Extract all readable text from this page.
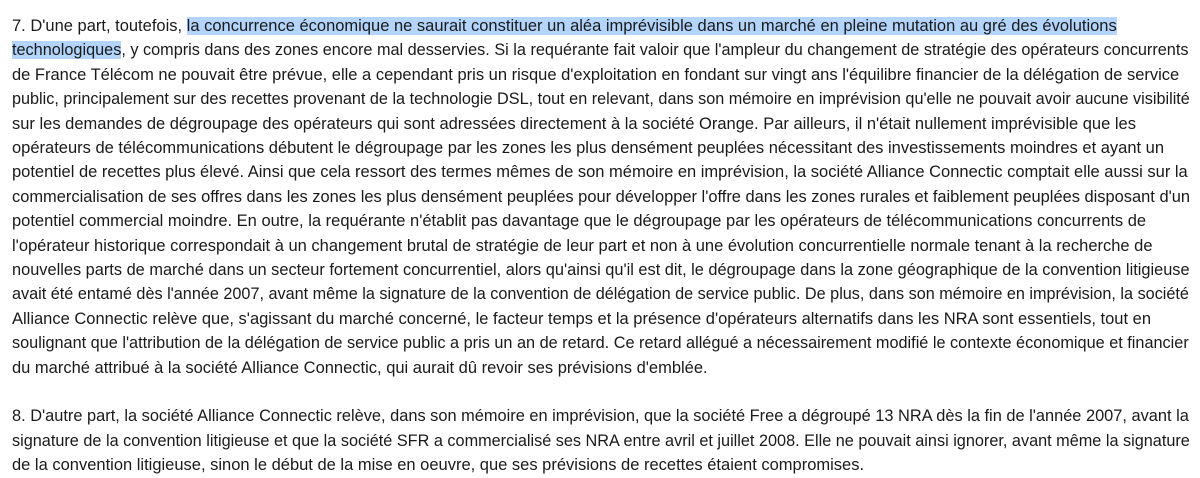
7. D'une part, toutefois, la concurrence économique ne saurait constituer un aléa imprévisible dans un marché en pleine mutation au gré des évolutions
technologiques, y compris dans des zones encore mal desservies. Si la requérante fait valoir que l'ampleur du changement de stratégie des opérateurs concurrents
de France Télécom ne pouvait être prévue, elle a cependant pris un risque d'exploitation en fondant sur vingt ans l'équilibre financier de la délégation de service
public, principalement sur des recettes provenant de la technologie DSL, tout en relevant, dans son mémoire en imprévision qu'elle ne pouvait avoir aucune visibilité
sur les demandes de dégroupage des opérateurs qui sont adressées directement à la société Orange. Par ailleurs, il n'était nullement imprévisible que les
opérateurs de télécommunications débutent le dégroupage par les zones les plus densément peuplées nécessitant des investissements moindres et ayant un
potentiel de recettes plus élevé. Ainsi que cela ressort des termes mêmes de son mémoire en imprévision, la société Alliance Connectic comptait elle aussi sur la
commercialisation de ses offres dans les zones les plus densément peuplées pour développer l'offre dans les zones rurales et faiblement peuplées disposant d'un
potentiel commercial moindre. En outre, la requérante n'établit pas davantage que le dégroupage par les opérateurs de télécommunications concurrents de
l'opérateur historique correspondait à un changement brutal de stratégie de leur part et non à une évolution concurrentielle normale tenant à la recherche de
nouvelles parts de marché dans un secteur fortement concurrentiel, alors qu'ainsi qu'il est dit, le dégroupage dans la zone géographique de la convention litigieuse
avait été entamé dès l'année 2007, avant même la signature de la convention de délégation de service public. De plus, dans son mémoire en imprévision, la société
Alliance Connectic relève que, s'agissant du marché concerné, le facteur temps et la présence d'opérateurs alternatifs dans les NRA sont essentiels, tout en
soulignant que l'attribution de la délégation de service public a pris un an de retard. Ce retard allégué a nécessairement modifié le contexte économique et financier
du marché attribué à la société Alliance Connectic, qui aurait dû revoir ses prévisions d'emblée.

8. D'autre part, la société Alliance Connectic relève, dans son mémoire en imprévision, que la société Free a dégroupé 13 NRA dès la fin de l'année 2007, avant la
signature de la convention litigieuse et que la société SFR a commercialisé ses NRA entre avril et juillet 2008. Elle ne pouvait ainsi ignorer, avant même la signature
de la convention litigieuse, sinon le début de la mise en oeuvre, que ses prévisions de recettes étaient compromises.
